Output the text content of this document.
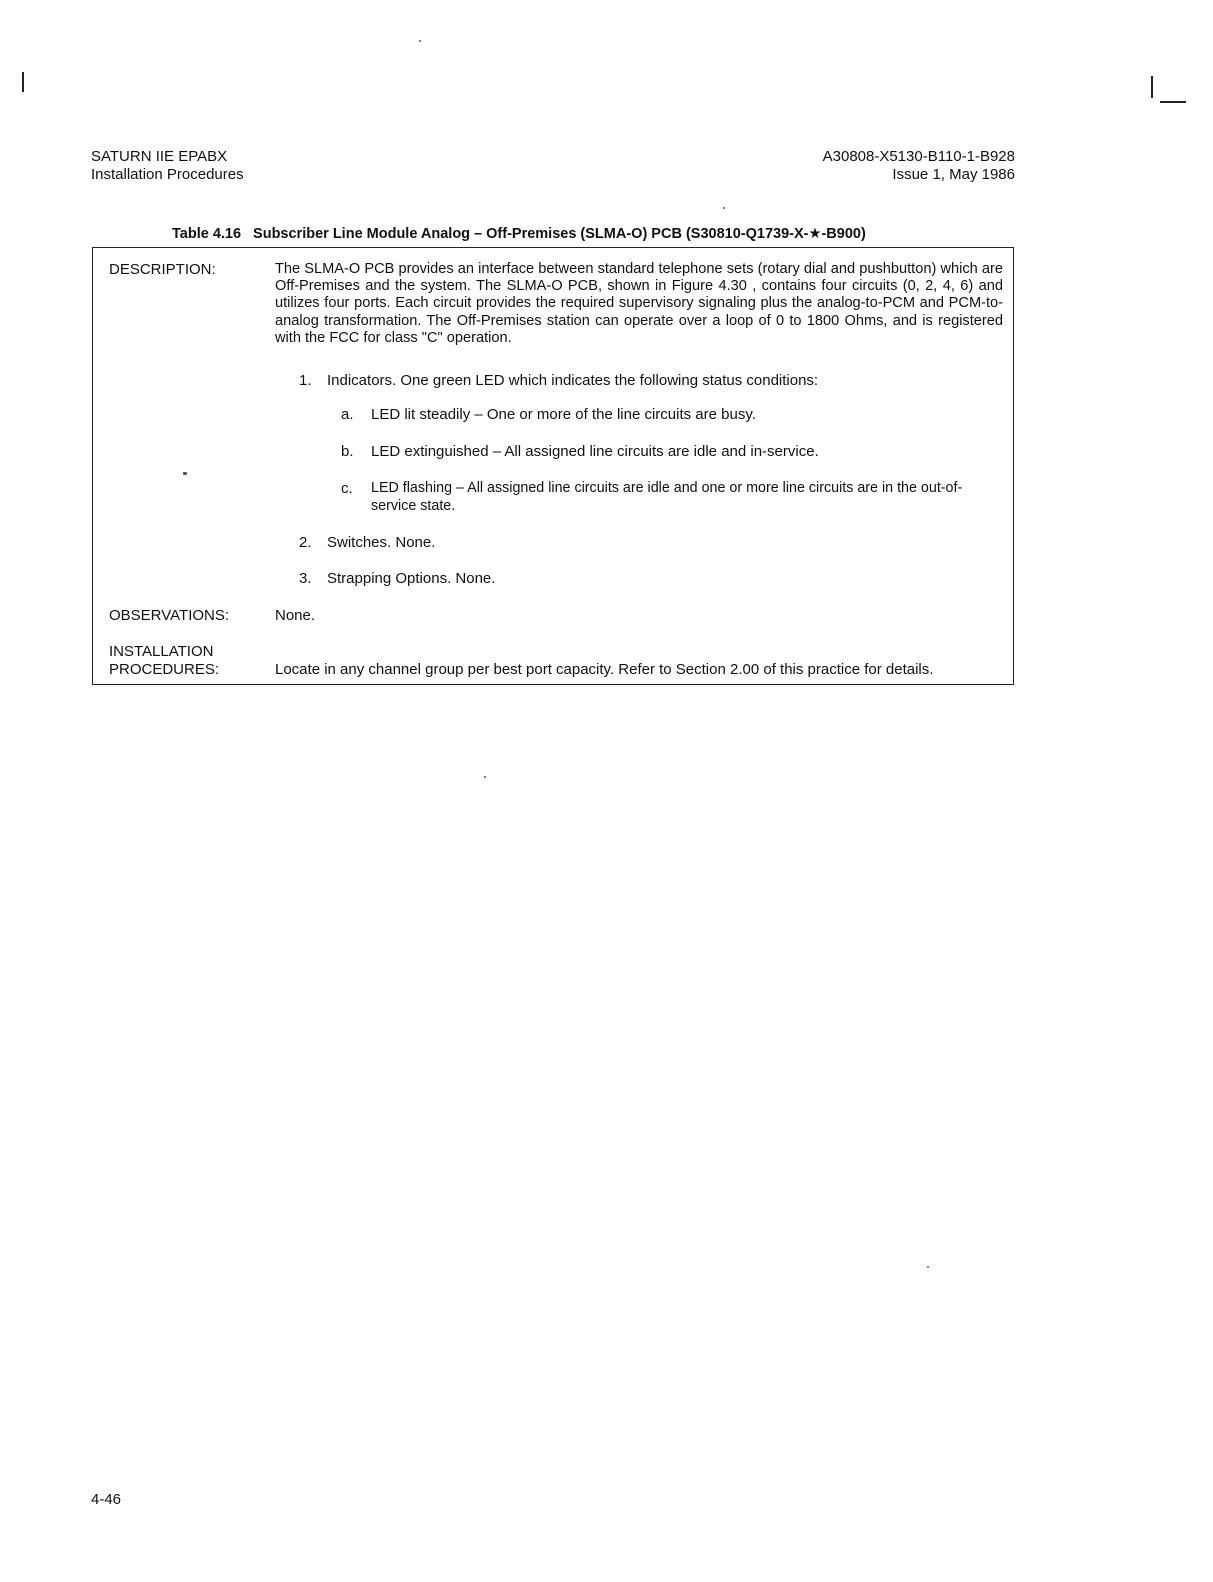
SATURN IIE EPABX
Installation Procedures
A30808-X5130-B110-1-B928
Issue 1, May 1986
Table 4.16 Subscriber Line Module Analog – Off-Premises (SLMA-O) PCB (S30810-Q1739-X-★-B900)
DESCRIPTION:	The SLMA-O PCB provides an interface between standard telephone sets (rotary dial and pushbutton) which are Off-Premises and the system. The SLMA-O PCB, shown in Figure 4.30 , contains four circuits (0, 2, 4, 6) and utilizes four ports. Each circuit provides the required supervisory signaling plus the analog-to-PCM and PCM-to-analog transformation. The Off-Premises station can operate over a loop of 0 to 1800 Ohms, and is registered with the FCC for class "C" operation.
1.	Indicators. One green LED which indicates the following status conditions:
a.	LED lit steadily – One or more of the line circuits are busy.
b.	LED extinguished – All assigned line circuits are idle and in-service.
c.	LED flashing – All assigned line circuits are idle and one or more line circuits are in the out-of-service state.
2.	Switches. None.
3.	Strapping Options. None.
OBSERVATIONS:	None.
INSTALLATION
PROCEDURES:	Locate in any channel group per best port capacity. Refer to Section 2.00 of this practice for details.
4-46
